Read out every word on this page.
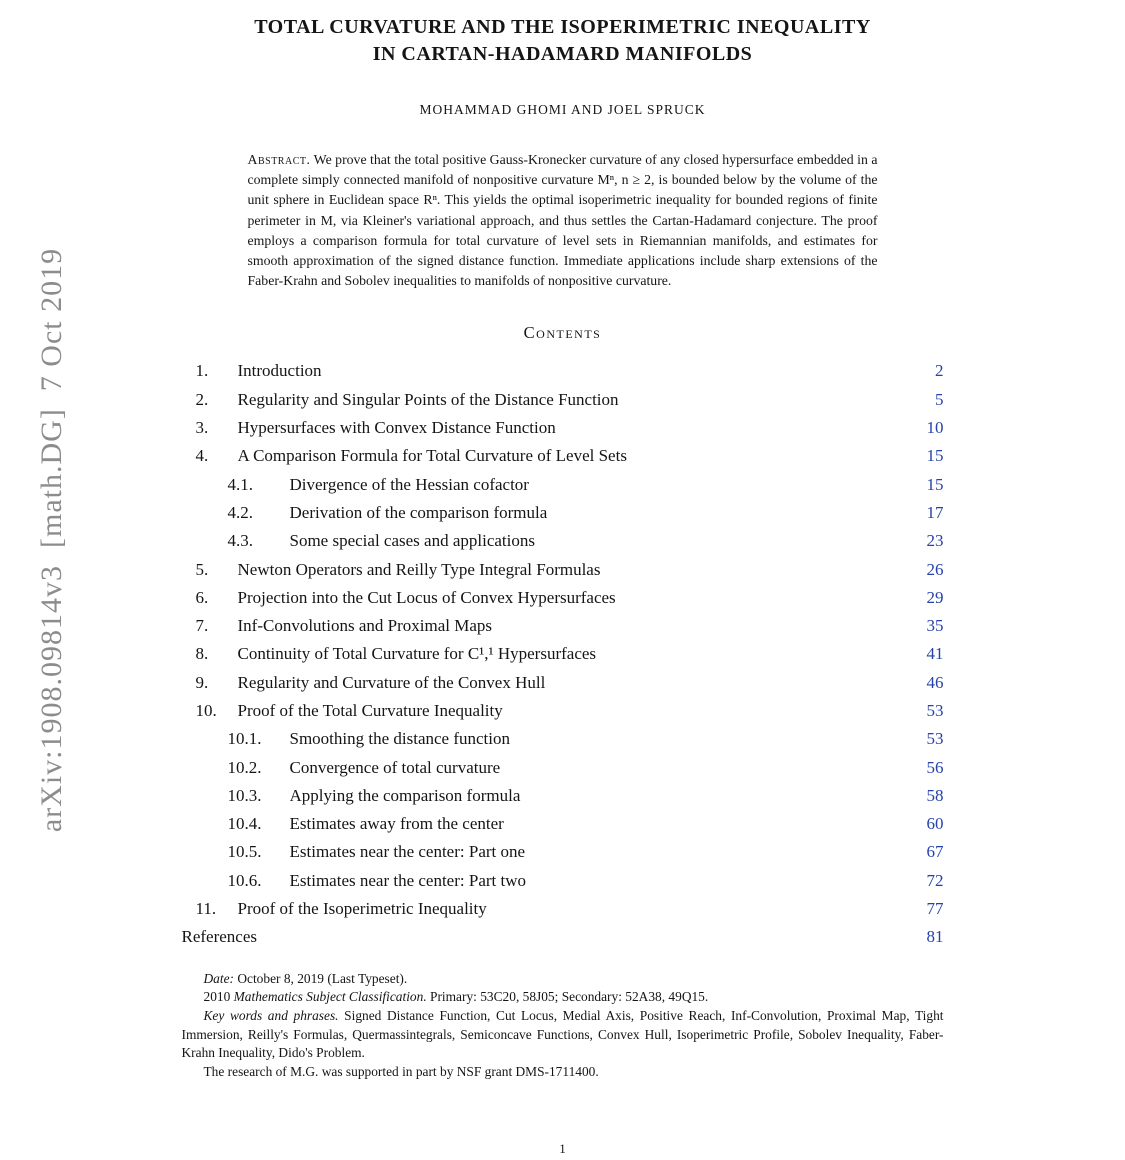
arXiv:1908.09814v3  [math.DG]  7 Oct 2019
TOTAL CURVATURE AND THE ISOPERIMETRIC INEQUALITY
IN CARTAN-HADAMARD MANIFOLDS
MOHAMMAD GHOMI AND JOEL SPRUCK
Abstract. We prove that the total positive Gauss-Kronecker curvature of any closed hypersurface embedded in a complete simply connected manifold of nonpositive curvature Mⁿ, n ≥ 2, is bounded below by the volume of the unit sphere in Euclidean space Rⁿ. This yields the optimal isoperimetric inequality for bounded regions of finite perimeter in M, via Kleiner's variational approach, and thus settles the Cartan-Hadamard conjecture. The proof employs a comparison formula for total curvature of level sets in Riemannian manifolds, and estimates for smooth approximation of the signed distance function. Immediate applications include sharp extensions of the Faber-Krahn and Sobolev inequalities to manifolds of nonpositive curvature.
Contents
1.	Introduction	2
2.	Regularity and Singular Points of the Distance Function	5
3.	Hypersurfaces with Convex Distance Function	10
4.	A Comparison Formula for Total Curvature of Level Sets	15
4.1.	Divergence of the Hessian cofactor	15
4.2.	Derivation of the comparison formula	17
4.3.	Some special cases and applications	23
5.	Newton Operators and Reilly Type Integral Formulas	26
6.	Projection into the Cut Locus of Convex Hypersurfaces	29
7.	Inf-Convolutions and Proximal Maps	35
8.	Continuity of Total Curvature for C¹,¹ Hypersurfaces	41
9.	Regularity and Curvature of the Convex Hull	46
10.	Proof of the Total Curvature Inequality	53
10.1.	Smoothing the distance function	53
10.2.	Convergence of total curvature	56
10.3.	Applying the comparison formula	58
10.4.	Estimates away from the center	60
10.5.	Estimates near the center: Part one	67
10.6.	Estimates near the center: Part two	72
11.	Proof of the Isoperimetric Inequality	77
References	81

Date: October 8, 2019 (Last Typeset).

2010 Mathematics Subject Classification. Primary: 53C20, 58J05; Secondary: 52A38, 49Q15.

Key words and phrases. Signed Distance Function, Cut Locus, Medial Axis, Positive Reach, Inf-Convolution, Proximal Map, Tight Immersion, Reilly's Formulas, Quermassintegrals, Semiconcave Functions, Convex Hull, Isoperimetric Profile, Sobolev Inequality, Faber-Krahn Inequality, Dido's Problem.

The research of M.G. was supported in part by NSF grant DMS-1711400.

1
